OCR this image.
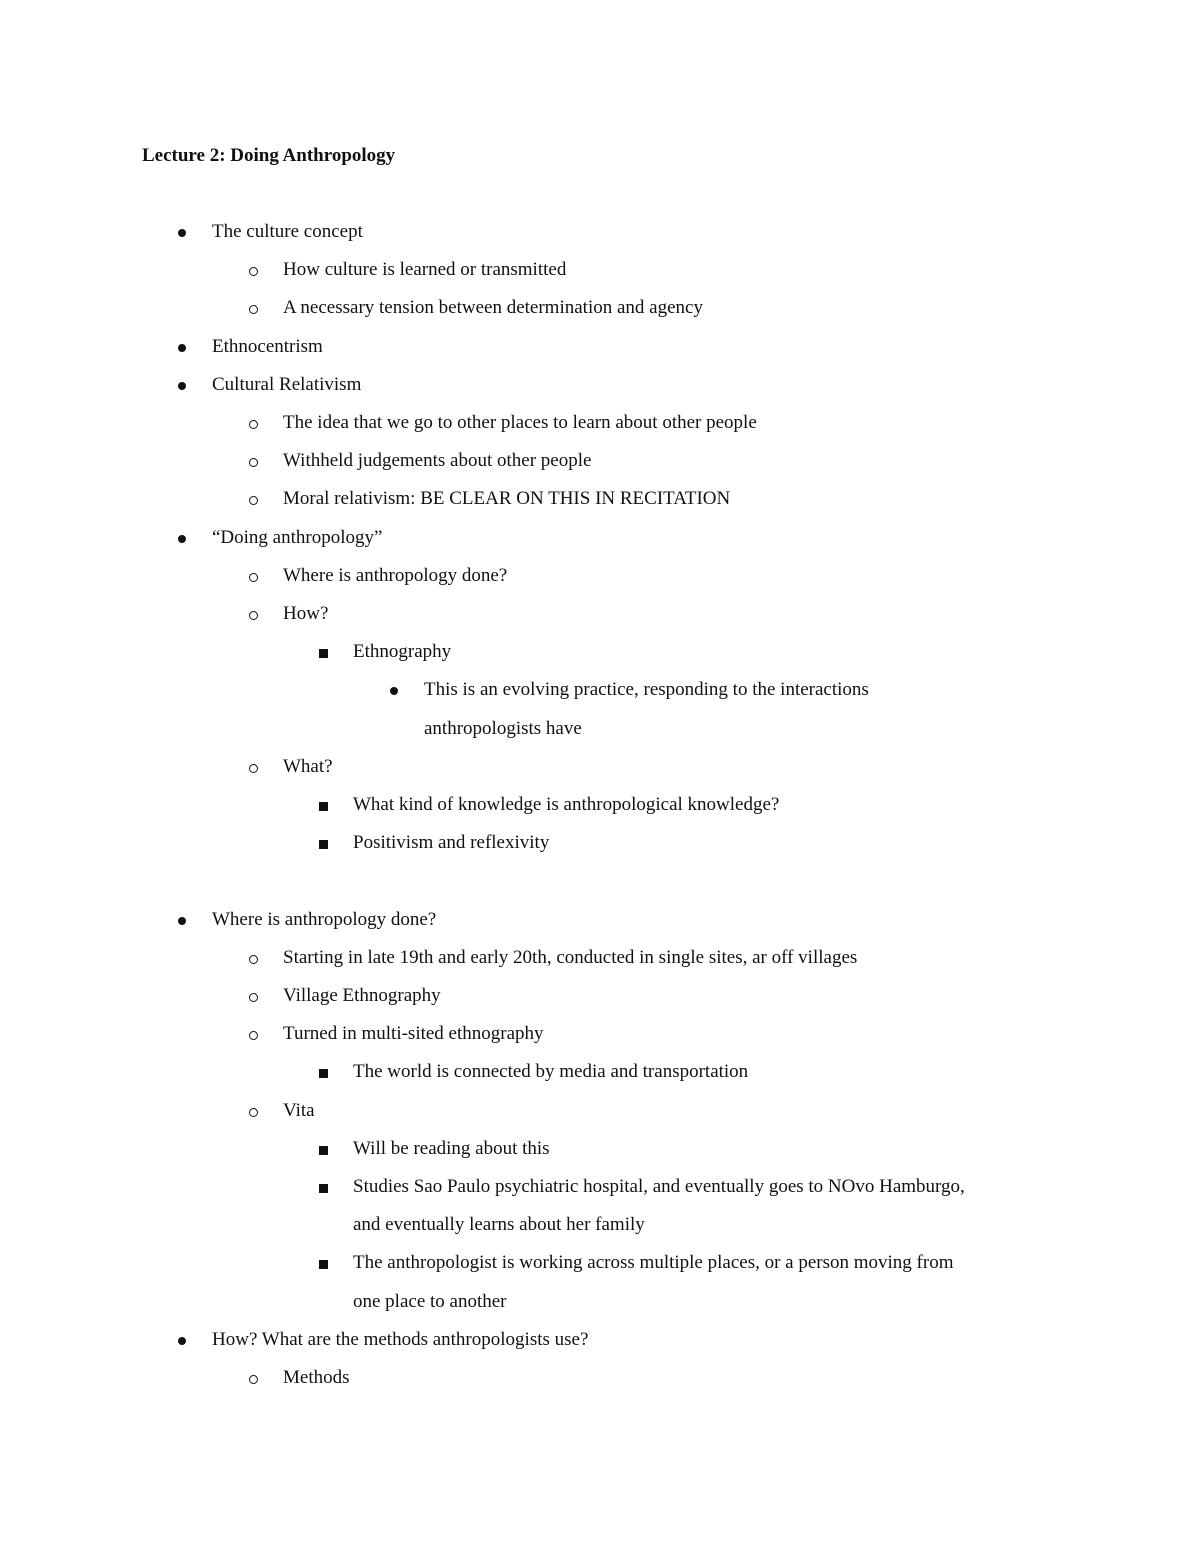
Lecture 2: Doing Anthropology
The culture concept
How culture is learned or transmitted
A necessary tension between determination and agency
Ethnocentrism
Cultural Relativism
The idea that we go to other places to learn about other people
Withheld judgements about other people
Moral relativism: BE CLEAR ON THIS IN RECITATION
“Doing anthropology”
Where is anthropology done?
How?
Ethnography
This is an evolving practice, responding to the interactions
anthropologists have
What?
What kind of knowledge is anthropological knowledge?
Positivism and reflexivity
Where is anthropology done?
Starting in late 19th and early 20th, conducted in single sites, ar off villages
Village Ethnography
Turned in multi-sited ethnography
The world is connected by media and transportation
Vita
Will be reading about this
Studies Sao Paulo psychiatric hospital, and eventually goes to NOvo Hamburgo,
and eventually learns about her family
The anthropologist is working across multiple places, or a person moving from
one place to another
How? What are the methods anthropologists use?
Methods
